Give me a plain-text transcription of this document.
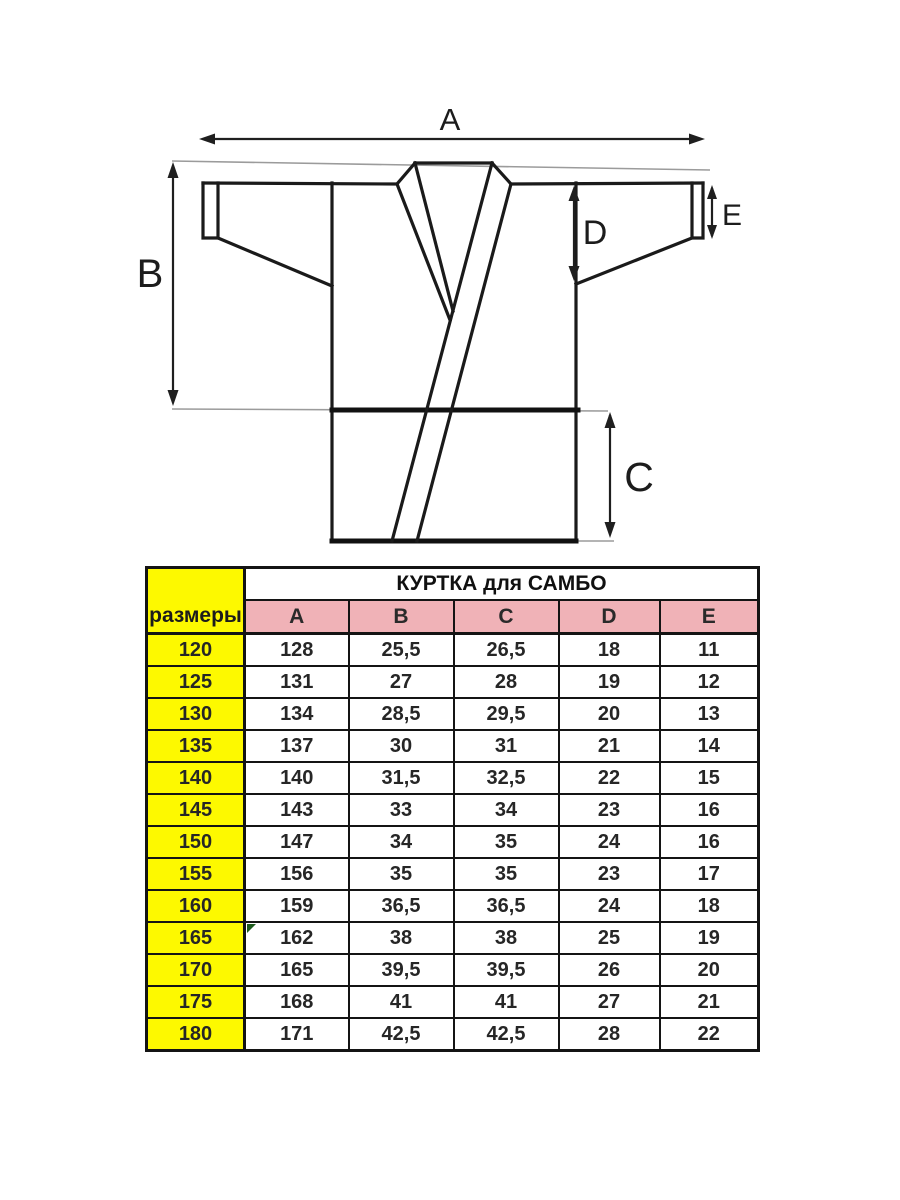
A
B
C
D	E
размеры	КУРТКА для САМБО				
	A	B	C	D	E
120	128	25,5	26,5	18	11
125	131	27	28	19	12
130	134	28,5	29,5	20	13
135	137	30	31	21	14
140	140	31,5	32,5	22	15
145	143	33	34	23	16
150	147	34	35	24	16
155	156	35	35	23	17
160	159	36,5	36,5	24	18
165	162	38	38	25	19
170	165	39,5	39,5	26	20
175	168	41	41	27	21
180	171	42,5	42,5	28	22
